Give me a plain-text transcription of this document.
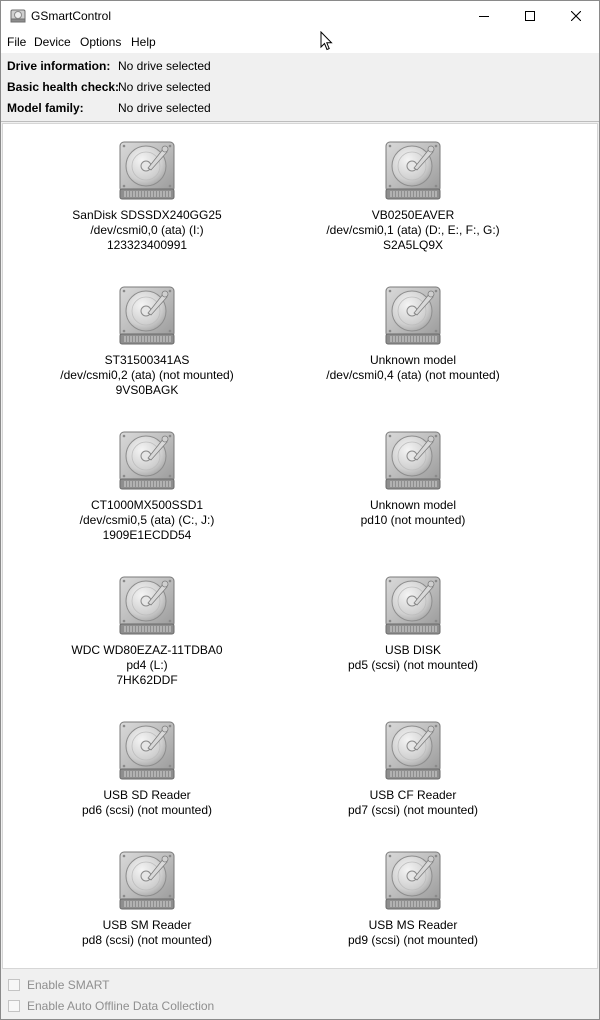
GSmartControl
File Device Options Help
Drive information: No drive selected
Basic health check:
No drive selected
Model family:	No drive selected
SanDisk SDSSDX240GG25
/dev/csmi0,0 (ata) (I:)
123323400991
VB0250EAVER
/dev/csmi0,1 (ata) (D:, E:, F:, G:)
S2A5LQ9X
ST31500341AS
/dev/csmi0,2 (ata) (not mounted)
9VS0BAGK
Unknown model
/dev/csmi0,4 (ata) (not mounted)
CT1000MX500SSD1
/dev/csmi0,5 (ata) (C:, J:)
1909E1ECDD54
Unknown model
pd10 (not mounted)
WDC WD80EZAZ-11TDBA0
pd4 (L:)
7HK62DDF
USB DISK
pd5 (scsi) (not mounted)
USB SD Reader
pd6 (scsi) (not mounted)
USB CF Reader
pd7 (scsi) (not mounted)
USB SM Reader
pd8 (scsi) (not mounted)
USB MS Reader
pd9 (scsi) (not mounted)
Enable SMART
Enable Auto Offline Data Collection
